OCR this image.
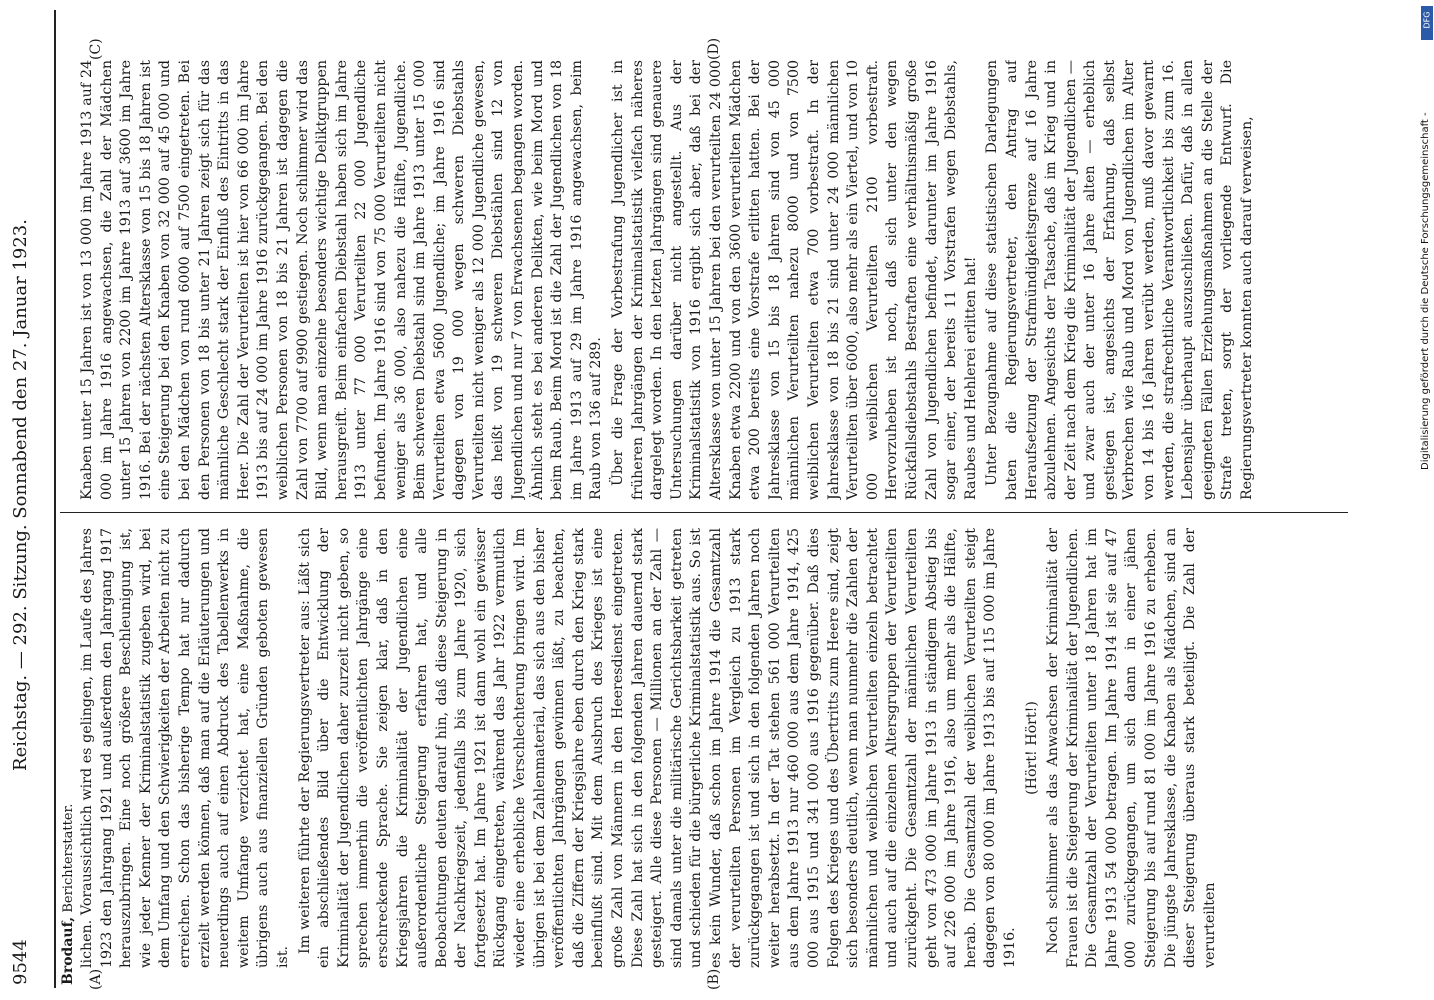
9544
Reichstag. — 292. Sitzung. Sonnabend den 27. Januar 1923.
Brodauf, Berichterstatter.
(A)	(B)
(C)	(D)

lichen. Voraussichtlich wird es gelingen, im Laufe des Jahres 1923 den Jahrgang 1921 und außerdem den Jahrgang 1917 herauszubringen. Eine noch größere Beschleunigung ist, wie jeder Kenner der Kriminalstatistik zugeben wird, bei dem Umfang und den Schwierigkeiten der Arbeiten nicht zu erreichen. Schon das bisherige Tempo hat nur dadurch erzielt werden können, daß man auf die Erläuterungen und neuerdings auch auf einen Abdruck des Tabellenwerks in weitem Umfange verzichtet hat, eine Maßnahme, die übrigens auch aus finanziellen Gründen geboten gewesen ist.

Im weiteren führte der Regierungsvertreter aus: Läßt sich ein abschließendes Bild über die Entwicklung der Kriminalität der Jugendlichen daher zurzeit nicht geben, so sprechen immerhin die veröffentlichten Jahrgänge eine erschreckende Sprache. Sie zeigen klar, daß in den Kriegsjahren die Kriminalität der Jugendlichen eine außerordentliche Steigerung erfahren hat, und alle Beobachtungen deuten darauf hin, daß diese Steigerung in der Nachkriegszeit, jedenfalls bis zum Jahre 1920, sich fortgesetzt hat. Im Jahre 1921 ist dann wohl ein gewisser Rückgang eingetreten, während das Jahr 1922 vermutlich wieder eine erhebliche Verschlechterung bringen wird. Im übrigen ist bei dem Zahlenmaterial, das sich aus den bisher veröffentlichten Jahrgängen gewinnen läßt, zu beachten, daß die Ziffern der Kriegsjahre eben durch den Krieg stark beeinflußt sind. Mit dem Ausbruch des Krieges ist eine große Zahl von Männern in den Heeresdienst eingetreten. Diese Zahl hat sich in den folgenden Jahren dauernd stark gesteigert. Alle diese Personen — Millionen an der Zahl — sind damals unter die militärische Gerichtsbarkeit getreten und schieden für die bürgerliche Kriminalstatistik aus. So ist es kein Wunder, daß schon im Jahre 1914 die Gesamtzahl der verurteilten Personen im Vergleich zu 1913 stark zurückgegangen ist und sich in den folgenden Jahren noch weiter herabsetzt. In der Tat stehen 561 000 Verurteilten aus dem Jahre 1913 nur 460 000 aus dem Jahre 1914, 425 000 aus 1915 und 341 000 aus 1916 gegenüber. Daß dies Folgen des Krieges und des Übertritts zum Heere sind, zeigt sich besonders deutlich, wenn man nunmehr die Zahlen der männlichen und weiblichen Verurteilten einzeln betrachtet und auch auf die einzelnen Altersgruppen der Verurteilten zurückgeht. Die Gesamtzahl der männlichen Verurteilten geht von 473 000 im Jahre 1913 in ständigem Abstieg bis auf 226 000 im Jahre 1916, also um mehr als die Hälfte, herab. Die Gesamtzahl der weiblichen Verurteilten steigt dagegen von 80 000 im Jahre 1913 bis auf 115 000 im Jahre 1916.

(Hört! Hört!) Noch schlimmer als das Anwachsen der Kriminalität der Frauen ist die Steigerung der Kriminalität der Jugendlichen. Die Gesamtzahl der Verurteilten unter 18 Jahren hat im Jahre 1913 54 000 betragen. Im Jahre 1914 ist sie auf 47 000 zurückgegangen, um sich dann in einer jähen Steigerung bis auf rund 81 000 im Jahre 1916 zu erheben. Die jüngste Jahresklasse, die Knaben als Mädchen, sind an dieser Steigerung überaus stark beteiligt. Die Zahl der verurteilten

Knaben unter 15 Jahren ist von 13 000 im Jahre 1913 auf 24 000 im Jahre 1916 angewachsen, die Zahl der Mädchen unter 15 Jahren von 2200 im Jahre 1913 auf 3600 im Jahre 1916. Bei der nächsten Altersklasse von 15 bis 18 Jahren ist eine Steigerung bei den Knaben von 32 000 auf 45 000 und bei den Mädchen von rund 6000 auf 7500 eingetreten. Bei den Personen von 18 bis unter 21 Jahren zeigt sich für das männliche Geschlecht stark der Einfluß des Eintritts in das Heer. Die Zahl der Verurteilten ist hier von 66 000 im Jahre 1913 bis auf 24 000 im Jahre 1916 zurückgegangen. Bei den weiblichen Personen von 18 bis 21 Jahren ist dagegen die Zahl von 7700 auf 9900 gestiegen. Noch schlimmer wird das Bild, wenn man einzelne besonders wichtige Deliktgruppen herausgreift. Beim einfachen Diebstahl haben sich im Jahre 1913 unter 77 000 Verurteilten 22 000 Jugendliche befunden. Im Jahre 1916 sind von 75 000 Verurteilten nicht weniger als 36 000, also nahezu die Hälfte, Jugendliche. Beim schweren Diebstahl sind im Jahre 1913 unter 15 000 Verurteilten etwa 5600 Jugendliche; im Jahre 1916 sind dagegen von 19 000 wegen schweren Diebstahls Verurteilten nicht weniger als 12 000 Jugendliche gewesen, das heißt von 19 schweren Diebstählen sind 12 von Jugendlichen und nur 7 von Erwachsenen begangen worden. Ähnlich steht es bei anderen Delikten, wie beim Mord und beim Raub. Beim Mord ist die Zahl der Jugendlichen von 18 im Jahre 1913 auf 29 im Jahre 1916 angewachsen, beim Raub von 136 auf 289. Über die Frage der Vorbestrafung Jugendlicher ist in früheren Jahrgängen der Kriminalstatistik vielfach näheres dargelegt worden. In den letzten Jahrgängen sind genauere Untersuchungen darüber nicht angestellt. Aus der Kriminalstatistik von 1916 ergibt sich aber, daß bei der Altersklasse von unter 15 Jahren bei den verurteilten 24 000 Knaben etwa 2200 und von den 3600 verurteilten Mädchen etwa 200 bereits eine Vorstrafe erlitten hatten. Bei der Jahresklasse von 15 bis 18 Jahren sind von 45 000 männlichen Verurteilten nahezu 8000 und von 7500 weiblichen Verurteilten etwa 700 vorbestraft. In der Jahresklasse von 18 bis 21 sind unter 24 000 männlichen Verurteilten über 6000, also mehr als ein Viertel, und von 10 000 weiblichen Verurteilten 2100 vorbestraft. Hervorzuheben ist noch, daß sich unter den wegen Rückfallsdiebstahls Bestraften eine verhältnismäßig große Zahl von Jugendlichen befindet, darunter im Jahre 1916 sogar einer, der bereits 11 Vorstrafen wegen Diebstahls, Raubes und Hehlerei erlitten hat! Unter Bezugnahme auf diese statistischen Darlegungen baten die Regierungsvertreter, den Antrag auf Heraufsetzung der Strafmündigkeitsgrenze auf 16 Jahre abzulehnen. Angesichts der Tatsache, daß im Krieg und in der Zeit nach dem Krieg die Kriminalität der Jugendlichen — und zwar auch der unter 16 Jahre alten — erheblich gestiegen ist, angesichts der Erfahrung, daß selbst Verbrechen wie Raub und Mord von Jugendlichen im Alter von 14 bis 16 Jahren verübt werden, muß davor gewarnt werden, die strafrechtliche Verantwortlichkeit bis zum 16. Lebensjahr überhaupt auszuschließen. Dafür, daß in allen geeigneten Fällen Erziehungsmaßnahmen an die Stelle der Strafe treten, sorgt der vorliegende Entwurf. Die Regierungsvertreter konnten auch darauf verweisen,	Digitalisierung gefördert durch die Deutsche Forschungsgemeinschaft -
DFG
